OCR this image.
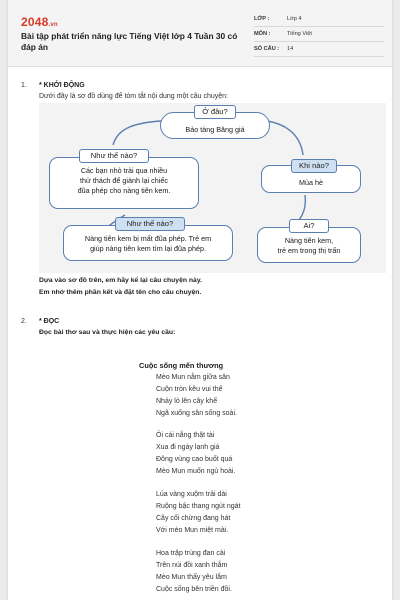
2048.vn
Bài tập phát triển năng lực Tiếng Việt lớp 4 Tuần 30 có đáp án
LỚP :	Lớp 4
MÔN :	Tiếng Việt
SỐ CÂU : 14
1. * KHỞI ĐỘNG
Dưới đây là sơ đồ dùng để tóm tắt nội dung một câu chuyện:
Ở đâu?
Bảo tàng Băng giá
Như thế nào?
Các bạn nhỏ trải qua nhiều
thử thách để giành lại chiếc
đũa phép cho nàng tiên kem.
Khi nào?
Mùa hè
Như thế nào?
Nàng tiên kem bị mất đũa phép. Trẻ em
giúp nàng tiên kem tìm lại đũa phép.
Ai?
Nàng tiên kem,
trẻ em trong thị trấn
Dựa vào sơ đồ trên, em hãy kể lại câu chuyện này.
Em nhớ thêm phần kết và đặt tên cho câu chuyện.
2. * ĐỌC
Đọc bài thơ sau và thực hiện các yêu cầu:
Cuộc sống mến thương
Mèo Mun nằm giữa sân
Cuộn tròn kêu vui thế
Nhảy lò lên cây khế
Ngã xuống sân sống soài.
Ôi cái nắng thật tài
Xua đi ngày lạnh giá
Đông vùng cao buốt quá
Mèo Mun muốn ngủ hoài.
Lúa vàng xuộm trải dài
Ruộng bậc thang ngút ngát
Cây cối chừng đang hát
Với mèo Mun miệt mài.
Hoa trập trùng đan cài
Trên núi đồi xanh thắm
Mèo Mun thấy yêu lắm
Cuộc sống bên triền đồi.
